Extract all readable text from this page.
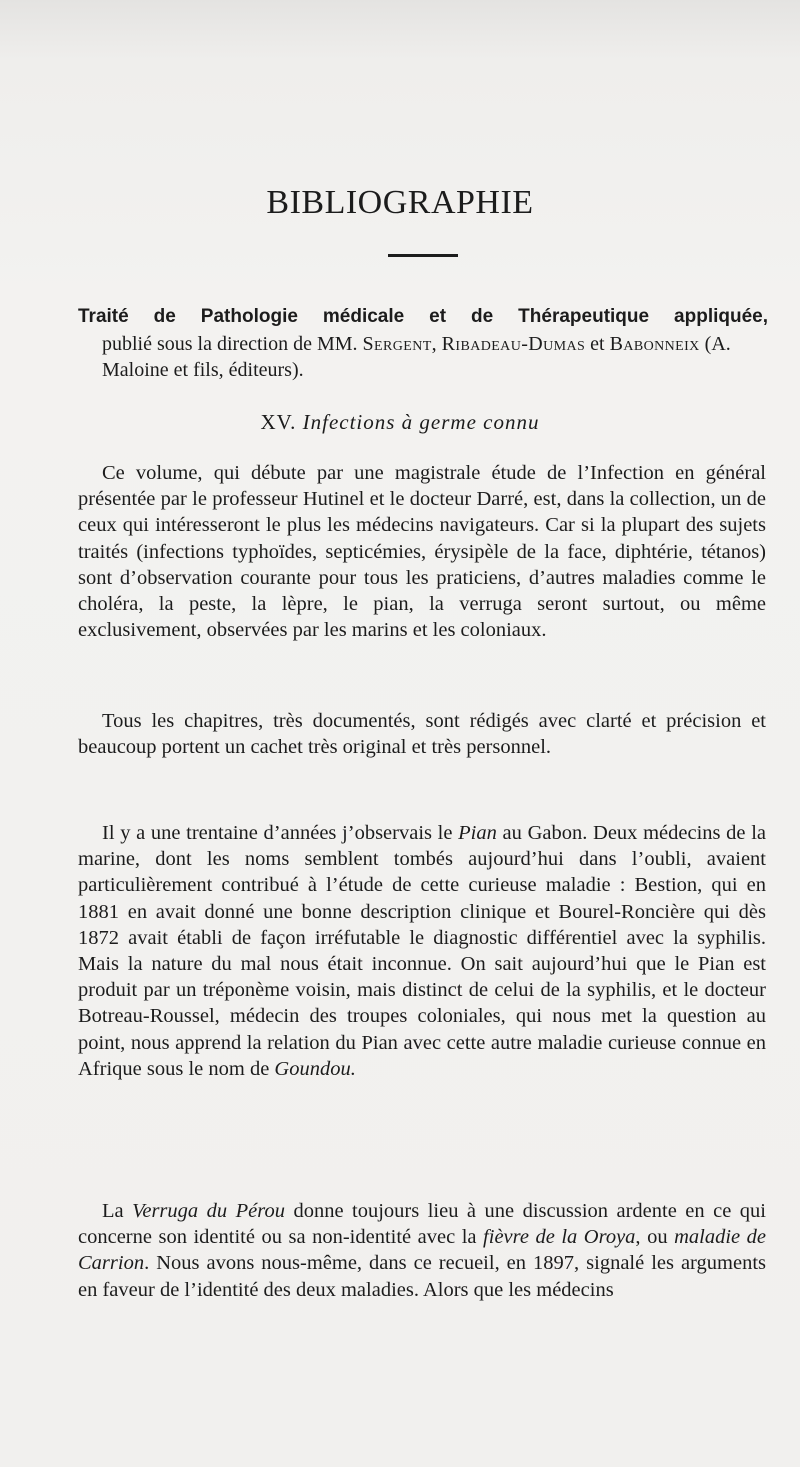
BIBLIOGRAPHIE

Traité de Pathologie médicale et de Thérapeutique appliquée,

publié sous la direction de MM. Sergent, Ribadeau-Dumas et Babonneix (A. Maloine et fils, éditeurs).

XV. Infections à germe connu

Ce volume, qui débute par une magistrale étude de l’Infection en général présentée par le professeur Hutinel et le docteur Darré, est, dans la collection, un de ceux qui intéresseront le plus les médecins navigateurs. Car si la plupart des sujets traités (infections typhoïdes, septicémies, érysipèle de la face, diphtérie, tétanos) sont d’observation courante pour tous les praticiens, d’autres maladies comme le choléra, la peste, la lèpre, le pian, la verruga seront surtout, ou même exclusivement, observées par les marins et les coloniaux.

Tous les chapitres, très documentés, sont rédigés avec clarté et précision et beaucoup portent un cachet très original et très personnel.

Il y a une trentaine d’années j’observais le Pian au Gabon. Deux médecins de la marine, dont les noms semblent tombés aujourd’hui dans l’oubli, avaient particulièrement contribué à l’étude de cette curieuse maladie : Bestion, qui en 1881 en avait donné une bonne description clinique et Bourel-Roncière qui dès 1872 avait établi de façon irréfutable le diagnostic différentiel avec la syphilis. Mais la nature du mal nous était inconnue. On sait aujourd’hui que le Pian est produit par un tréponème voisin, mais distinct de celui de la syphilis, et le docteur Botreau-Roussel, médecin des troupes coloniales, qui nous met la question au point, nous apprend la relation du Pian avec cette autre maladie curieuse connue en Afrique sous le nom de Goundou.

La Verruga du Pérou donne toujours lieu à une discussion ardente en ce qui concerne son identité ou sa non-identité avec la fièvre de la Oroya, ou maladie de Carrion. Nous avons nous-même, dans ce recueil, en 1897, signalé les arguments en faveur de l’identité des deux maladies. Alors que les médecins
